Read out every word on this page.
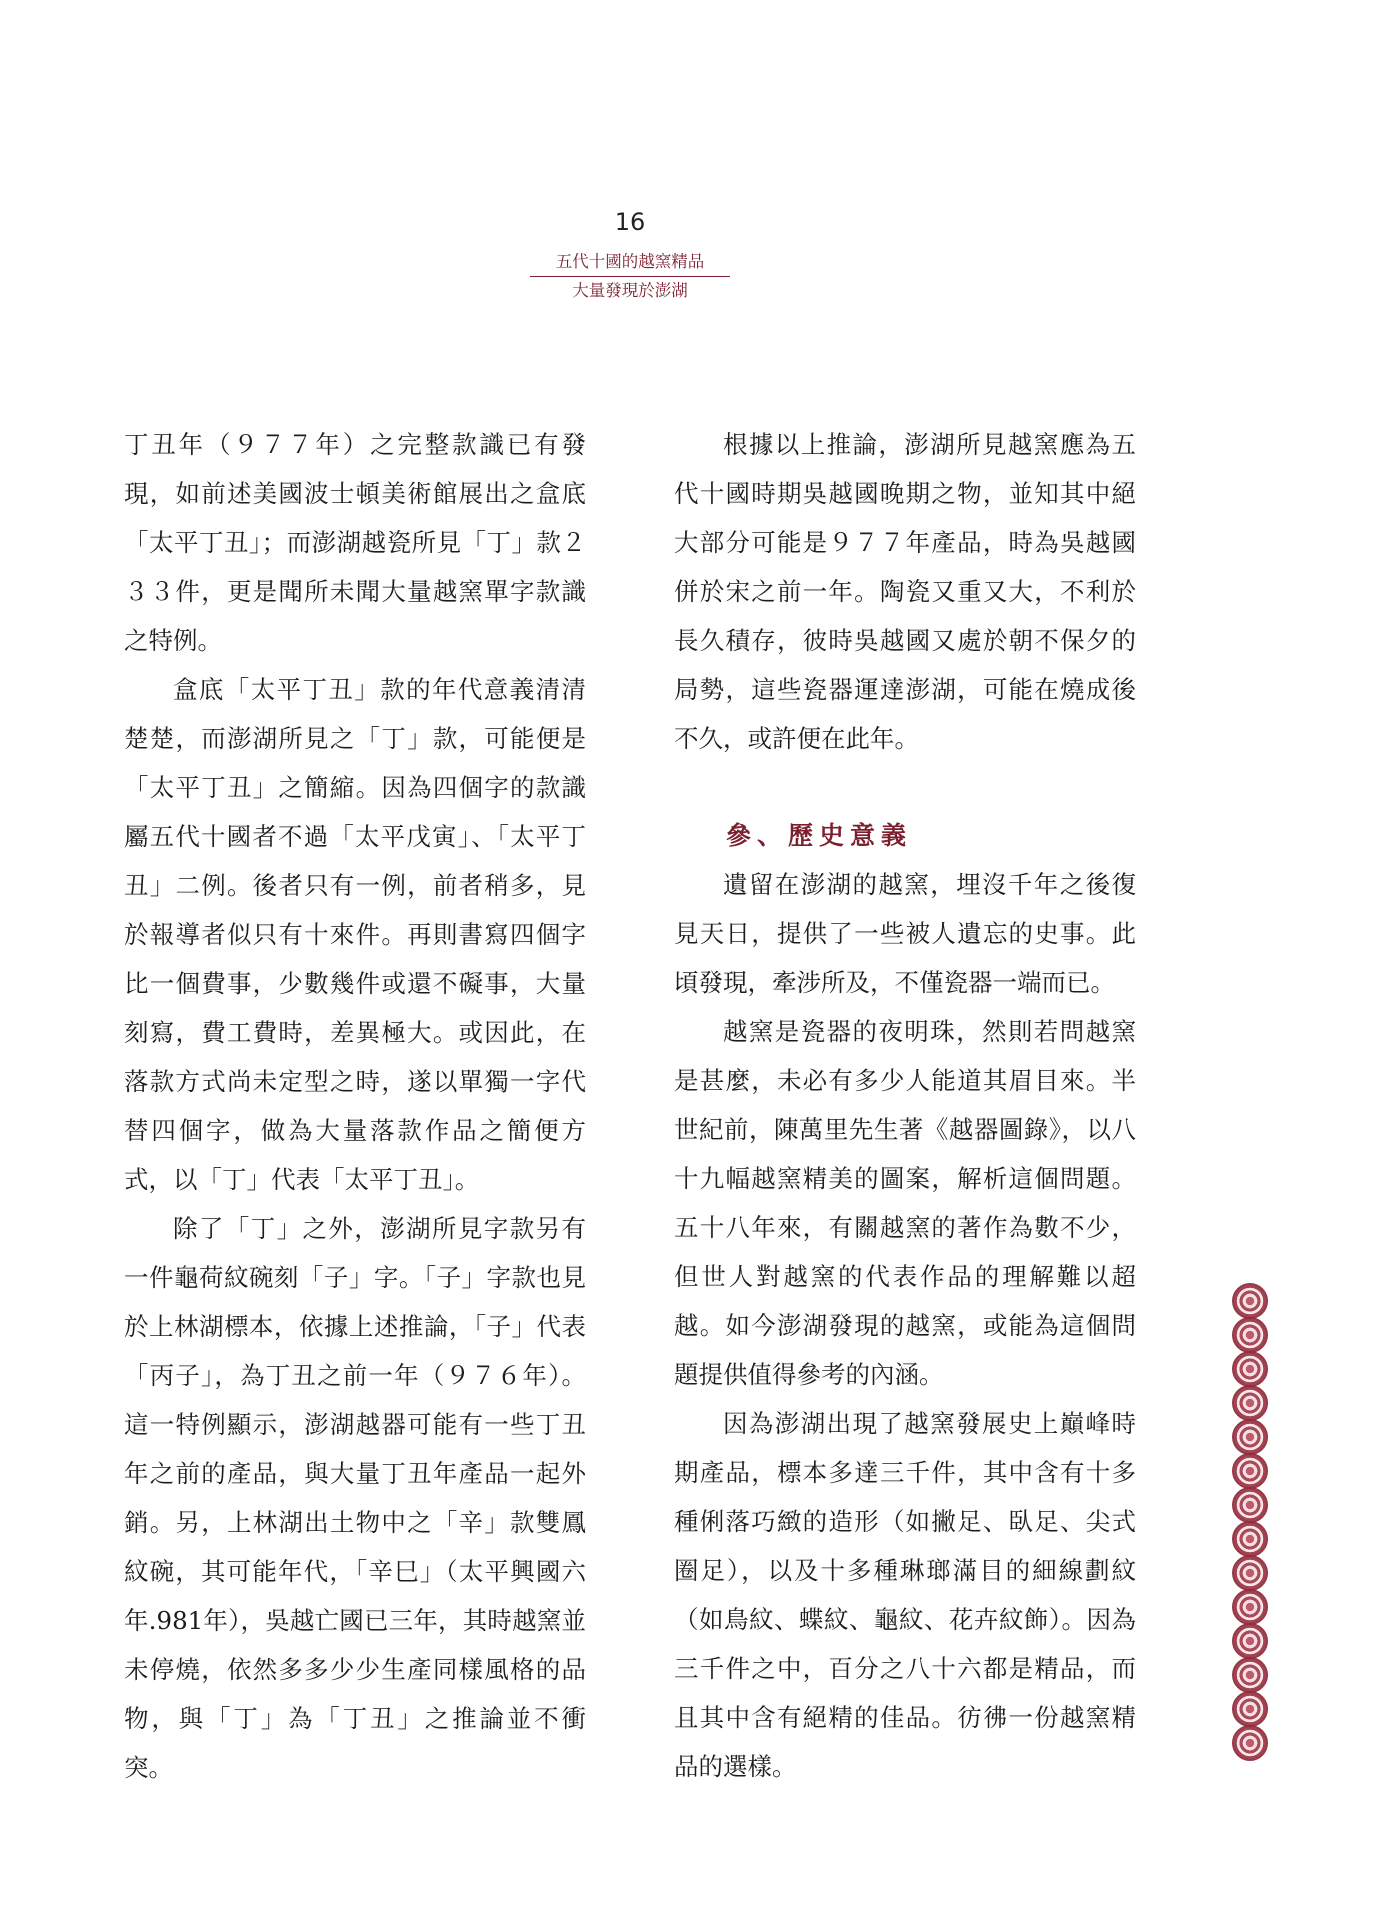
16
五代十國的越窯精品
大量發現於澎湖

丁丑年（９７７年）之完整款識已有發現，如前述美國波士頓美術館展出之盒底「太平丁丑」；而澎湖越瓷所見「丁」款２３３件，更是聞所未聞大量越窯單字款識之特例。

盒底「太平丁丑」款的年代意義清清楚楚，而澎湖所見之「丁」款，可能便是「太平丁丑」之簡縮。因為四個字的款識屬五代十國者不過「太平戊寅」、「太平丁丑」二例。後者只有一例，前者稍多，見於報導者似只有十來件。再則書寫四個字比一個費事，少數幾件或還不礙事，大量刻寫，費工費時，差異極大。或因此，在落款方式尚未定型之時，遂以單獨一字代替四個字，做為大量落款作品之簡便方式，以「丁」代表「太平丁丑」。

除了「丁」之外，澎湖所見字款另有一件龜荷紋碗刻「子」字。「子」字款也見於上林湖標本，依據上述推論，「子」代表「丙子」，為丁丑之前一年（９７６年）。這一特例顯示，澎湖越器可能有一些丁丑年之前的產品，與大量丁丑年產品一起外銷。另，上林湖出土物中之「辛」款雙鳳紋碗，其可能年代，「辛巳」（太平興國六年.981年），吳越亡國已三年，其時越窯並未停燒，依然多多少少生產同樣風格的品物，與「丁」為「丁丑」之推論並不衝突。

根據以上推論，澎湖所見越窯應為五代十國時期吳越國晚期之物，並知其中絕大部分可能是９７７年產品，時為吳越國併於宋之前一年。陶瓷又重又大，不利於長久積存，彼時吳越國又處於朝不保夕的局勢，這些瓷器運達澎湖，可能在燒成後不久，或許便在此年。

參、歷史意義

遺留在澎湖的越窯，埋沒千年之後復見天日，提供了一些被人遺忘的史事。此頃發現，牽涉所及，不僅瓷器一端而已。

越窯是瓷器的夜明珠，然則若問越窯是甚麼，未必有多少人能道其眉目來。半世紀前，陳萬里先生著《越器圖錄》，以八十九幅越窯精美的圖案，解析這個問題。五十八年來，有關越窯的著作為數不少，但世人對越窯的代表作品的理解難以超越。如今澎湖發現的越窯，或能為這個問題提供值得參考的內涵。

因為澎湖出現了越窯發展史上巔峰時期產品，標本多達三千件，其中含有十多種俐落巧緻的造形（如撇足、臥足、尖式圈足），以及十多種琳瑯滿目的細線劃紋（如鳥紋、蝶紋、龜紋、花卉紋飾）。因為三千件之中，百分之八十六都是精品，而且其中含有絕精的佳品。彷彿一份越窯精品的選樣。
